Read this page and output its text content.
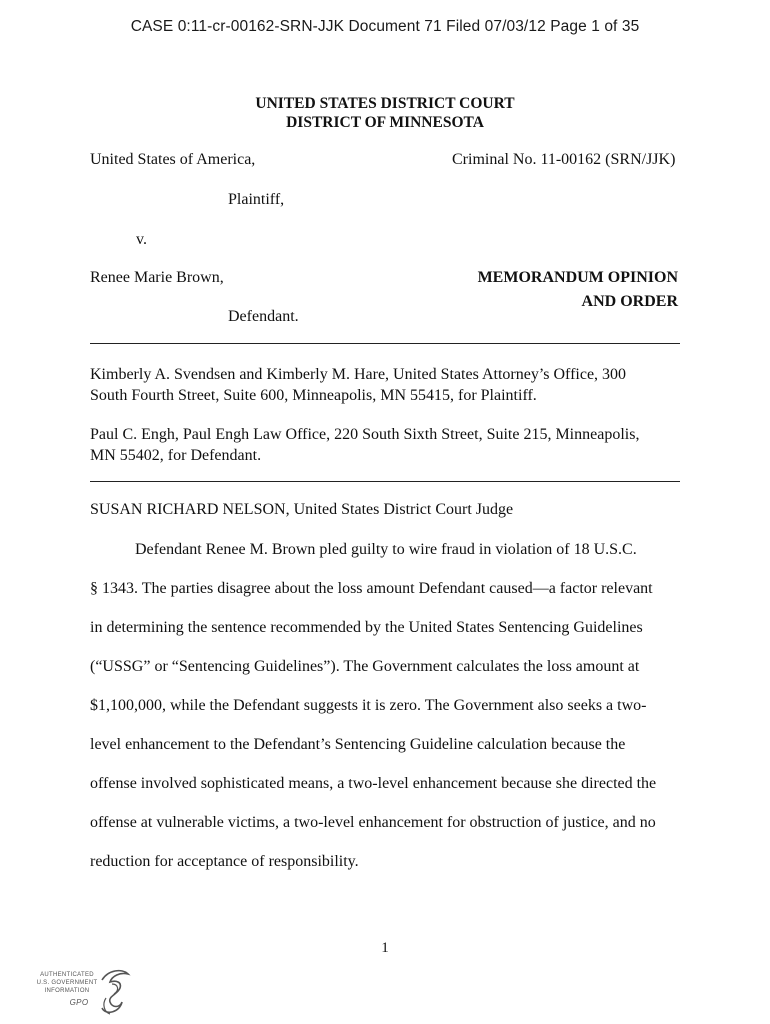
CASE 0:11-cr-00162-SRN-JJK Document 71 Filed 07/03/12 Page 1 of 35
UNITED STATES DISTRICT COURT
DISTRICT OF MINNESOTA
United States of America,	Criminal No. 11-00162 (SRN/JJK)
Plaintiff,
v.
Renee Marie Brown,	MEMORANDUM OPINION
AND ORDER
Defendant.
Kimberly A. Svendsen and Kimberly M. Hare, United States Attorney’s Office, 300
South Fourth Street, Suite 600, Minneapolis, MN 55415, for Plaintiff.
Paul C. Engh, Paul Engh Law Office, 220 South Sixth Street, Suite 215, Minneapolis,
MN 55402, for Defendant.
SUSAN RICHARD NELSON, United States District Court Judge
Defendant Renee M. Brown pled guilty to wire fraud in violation of 18 U.S.C.
§ 1343. The parties disagree about the loss amount Defendant caused—a factor relevant
in determining the sentence recommended by the United States Sentencing Guidelines
(“USSG” or “Sentencing Guidelines”). The Government calculates the loss amount at
$1,100,000, while the Defendant suggests it is zero. The Government also seeks a two-
level enhancement to the Defendant’s Sentencing Guideline calculation because the
offense involved sophisticated means, a two-level enhancement because she directed the
offense at vulnerable victims, a two-level enhancement for obstruction of justice, and no
reduction for acceptance of responsibility.
1
AUTHENTICATED
U.S. GOVERNMENT
INFORMATION
GPO
